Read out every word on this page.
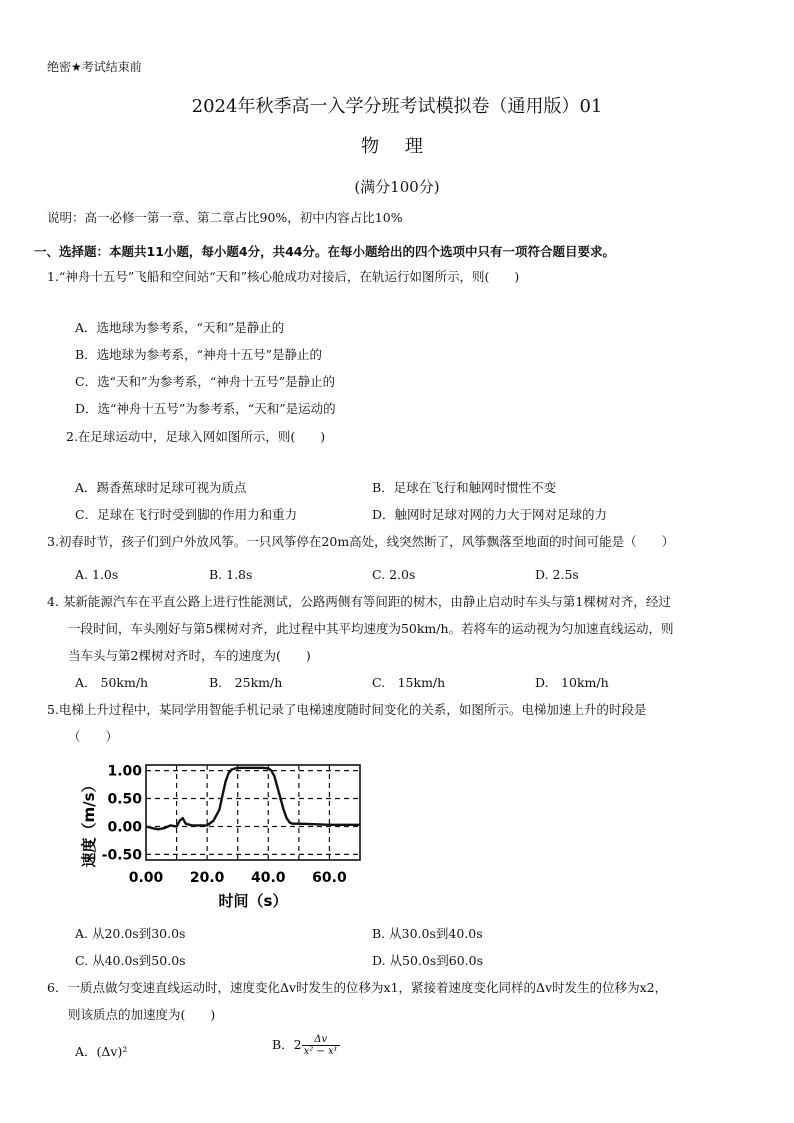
绝密★考试结束前
2024年秋季高一入学分班考试模拟卷（通用版）01
物 理
(满分100分)
说明：高一必修一第一章、第二章占比90%，初中内容占比10%
一、选择题：本题共11小题，每小题4分，共44分。在每小题给出的四个选项中只有一项符合题目要求。
1.“神舟十五号”飞船和空间站“天和”核心舱成功对接后，在轨运行如图所示，则(　　)
A．选地球为参考系，“天和”是静止的
B．选地球为参考系，“神舟十五号”是静止的
C．选“天和”为参考系，“神舟十五号”是静止的
D．选“神舟十五号”为参考系，“天和”是运动的
2.在足球运动中，足球入网如图所示，则(　　)
A．踢香蕉球时足球可视为质点	B．足球在飞行和触网时惯性不变
C．足球在飞行时受到脚的作用力和重力	D．触网时足球对网的力大于网对足球的力
3.初春时节，孩子们到户外放风筝。一只风筝停在20m高处，线突然断了，风筝飘落至地面的时间可能是（　　）
A. 1.0s	B. 1.8s	C. 2.0s	D. 2.5s
4. 某新能源汽车在平直公路上进行性能测试，公路两侧有等间距的树木，由静止启动时车头与第1棵树对齐，经过
一段时间，车头刚好与第5棵树对齐，此过程中其平均速度为50km/h。若将车的运动视为匀加速直线运动，则
当车头与第2棵树对齐时，车的速度为(　　)
A.　50km/h	B.　25km/h	C.　15km/h	D.　10km/h
5.电梯上升过程中，某同学用智能手机记录了电梯速度随时间变化的关系，如图所示。电梯加速上升的时段是
（　　）
1.00
0.50
0.00
-0.50
0.00 20.0 40.0 60.0
时间（s）
速度（m/s）
A. 从20.0s到30.0s	B. 从30.0s到40.0s
C. 从40.0s到50.0s	D. 从50.0s到60.0s
6．一质点做匀变速直线运动时，速度变化Δv时发生的位移为x1，紧接着速度变化同样的Δv时发生的位移为x2，
则该质点的加速度为(　　)
A．(Δv)²	B．$2 \frac{\Delta v}{\text{x² − x¹}}$
